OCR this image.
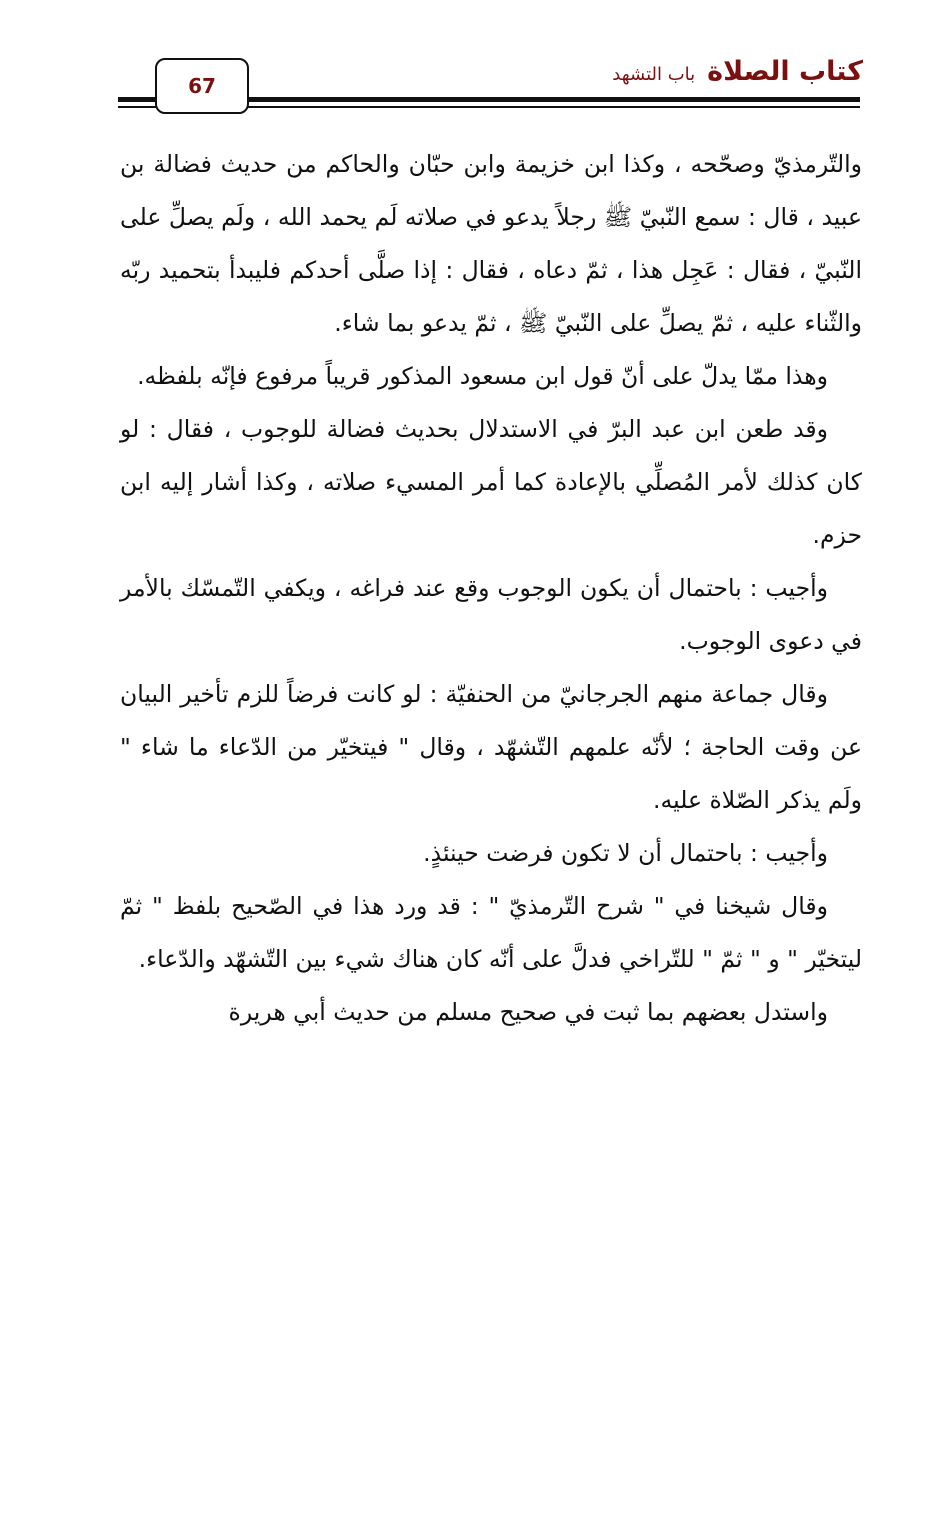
67	كتاب الصلاة
باب التشهد

والتّرمذيّ وصحّحه ، وكذا ابن خزيمة وابن حبّان والحاكم من حديث فضالة بن عبيد ، قال : سمع النّبيّ ﷺ رجلاً يدعو في صلاته لَم يحمد الله ، ولَم يصلِّ على النّبيّ ، فقال : عَجِل هذا ، ثمّ دعاه ، فقال : إذا صلَّى أحدكم فليبدأ بتحميد ربّه والثّناء عليه ، ثمّ يصلِّ على النّبيّ ﷺ ، ثمّ يدعو بما شاء.

وهذا ممّا يدلّ على أنّ قول ابن مسعود المذكور قريباً مرفوع فإنّه بلفظه.

وقد طعن ابن عبد البرّ في الاستدلال بحديث فضالة للوجوب ، فقال : لو كان كذلك لأمر المُصلِّي بالإعادة كما أمر المسيء صلاته ، وكذا أشار إليه ابن حزم.

وأجيب : باحتمال أن يكون الوجوب وقع عند فراغه ، ويكفي التّمسّك بالأمر في دعوى الوجوب.

وقال جماعة منهم الجرجانيّ من الحنفيّة : لو كانت فرضاً للزم تأخير البيان عن وقت الحاجة ؛ لأنّه علمهم التّشهّد ، وقال " فيتخيّر من الدّعاء ما شاء " ولَم يذكر الصّلاة عليه.

وأجيب : باحتمال أن لا تكون فرضت حينئذٍ.

وقال شيخنا في " شرح التّرمذيّ " : قد ورد هذا في الصّحيح بلفظ " ثمّ ليتخيّر " و " ثمّ " للتّراخي فدلَّ على أنّه كان هناك شيء بين التّشهّد والدّعاء.

واستدل بعضهم بما ثبت في صحيح مسلم من حديث أبي هريرة
